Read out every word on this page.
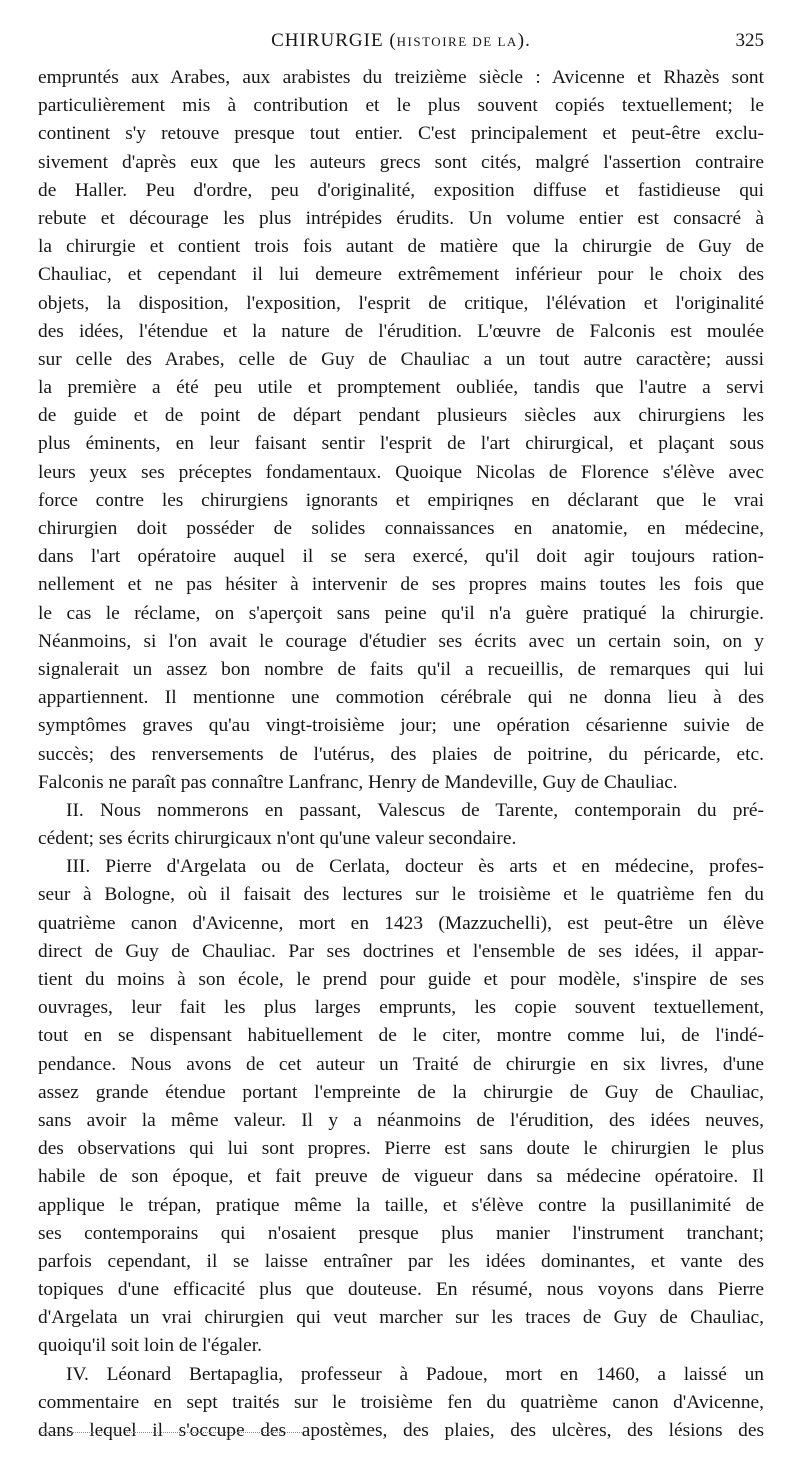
CHIRURGIE (HISTOIRE DE LA).	325
empruntés aux Arabes, aux arabistes du treizième siècle : Avicenne et Rhazès sont
particulièrement mis à contribution et le plus souvent copiés textuellement; le
continent s'y retouve presque tout entier. C'est principalement et peut-être exclu-
sivement d'après eux que les auteurs grecs sont cités, malgré l'assertion contraire
de Haller. Peu d'ordre, peu d'originalité, exposition diffuse et fastidieuse qui
rebute et décourage les plus intrépides érudits. Un volume entier est consacré à
la chirurgie et contient trois fois autant de matière que la chirurgie de Guy de
Chauliac, et cependant il lui demeure extrêmement inférieur pour le choix des
objets, la disposition, l'exposition, l'esprit de critique, l'élévation et l'originalité
des idées, l'étendue et la nature de l'érudition. L'œuvre de Falconis est moulée
sur celle des Arabes, celle de Guy de Chauliac a un tout autre caractère; aussi
la première a été peu utile et promptement oubliée, tandis que l'autre a servi
de guide et de point de départ pendant plusieurs siècles aux chirurgiens les
plus éminents, en leur faisant sentir l'esprit de l'art chirurgical, et plaçant sous
leurs yeux ses préceptes fondamentaux. Quoique Nicolas de Florence s'élève avec
force contre les chirurgiens ignorants et empiriqnes en déclarant que le vrai
chirurgien doit posséder de solides connaissances en anatomie, en médecine,
dans l'art opératoire auquel il se sera exercé, qu'il doit agir toujours ration-
nellement et ne pas hésiter à intervenir de ses propres mains toutes les fois que
le cas le réclame, on s'aperçoit sans peine qu'il n'a guère pratiqué la chirurgie.
Néanmoins, si l'on avait le courage d'étudier ses écrits avec un certain soin, on y
signalerait un assez bon nombre de faits qu'il a recueillis, de remarques qui lui
appartiennent. Il mentionne une commotion cérébrale qui ne donna lieu à des
symptômes graves qu'au vingt-troisième jour; une opération césarienne suivie de
succès; des renversements de l'utérus, des plaies de poitrine, du péricarde, etc.
Falconis ne paraît pas connaître Lanfranc, Henry de Mandeville, Guy de Chauliac.
II. Nous nommerons en passant, Valescus de Tarente, contemporain du pré-
cédent; ses écrits chirurgicaux n'ont qu'une valeur secondaire.
III. Pierre d'Argelata ou de Cerlata, docteur ès arts et en médecine, profes-
seur à Bologne, où il faisait des lectures sur le troisième et le quatrième fen du
quatrième canon d'Avicenne, mort en 1423 (Mazzuchelli), est peut-être un élève
direct de Guy de Chauliac. Par ses doctrines et l'ensemble de ses idées, il appar-
tient du moins à son école, le prend pour guide et pour modèle, s'inspire de ses
ouvrages, leur fait les plus larges emprunts, les copie souvent textuellement,
tout en se dispensant habituellement de le citer, montre comme lui, de l'indé-
pendance. Nous avons de cet auteur un Traité de chirurgie en six livres, d'une
assez grande étendue portant l'empreinte de la chirurgie de Guy de Chauliac,
sans avoir la même valeur. Il y a néanmoins de l'érudition, des idées neuves,
des observations qui lui sont propres. Pierre est sans doute le chirurgien le plus
habile de son époque, et fait preuve de vigueur dans sa médecine opératoire. Il
applique le trépan, pratique même la taille, et s'élève contre la pusillanimité de
ses contemporains qui n'osaient presque plus manier l'instrument tranchant;
parfois cependant, il se laisse entraîner par les idées dominantes, et vante des
topiques d'une efficacité plus que douteuse. En résumé, nous voyons dans Pierre
d'Argelata un vrai chirurgien qui veut marcher sur les traces de Guy de Chauliac,
quoiqu'il soit loin de l'égaler.
IV. Léonard Bertapaglia, professeur à Padoue, mort en 1460, a laissé un
commentaire en sept traités sur le troisième fen du quatrième canon d'Avicenne,
dans lequel il s'occupe des apostèmes, des plaies, des ulcères, des lésions des
